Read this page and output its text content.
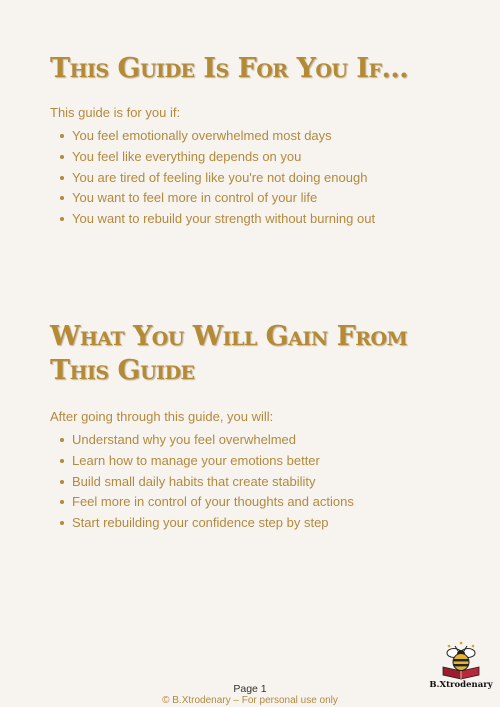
This Guide Is For You If...

This guide is for you if:

You feel emotionally overwhelmed most days
You feel like everything depends on you
You are tired of feeling like you're not doing enough
You want to feel more in control of your life
You want to rebuild your strength without burning out
What You Will Gain From
This Guide

After going through this guide, you will:

Understand why you feel overwhelmed
Learn how to manage your emotions better
Build small daily habits that create stability
Feel more in control of your thoughts and actions
Start rebuilding your confidence step by step
B.Xtrodenary
Page 1
© B.Xtrodenary – For personal use only
